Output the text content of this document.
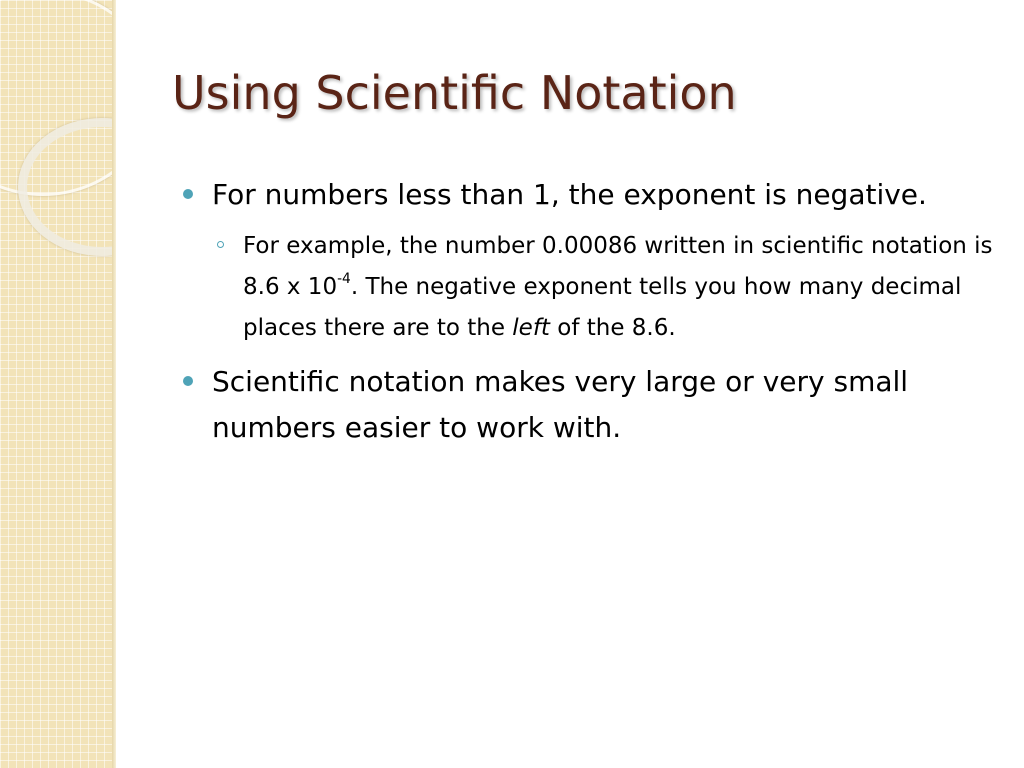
Using Scientific Notation
For numbers less than 1, the exponent is negative.
For example, the number 0.00086 written in scientific notation is 8.6 x $10^{-4}$. The negative exponent tells you how many decimal places there are to the left of the 8.6.
Scientific notation makes very large or very small numbers easier to work with.
